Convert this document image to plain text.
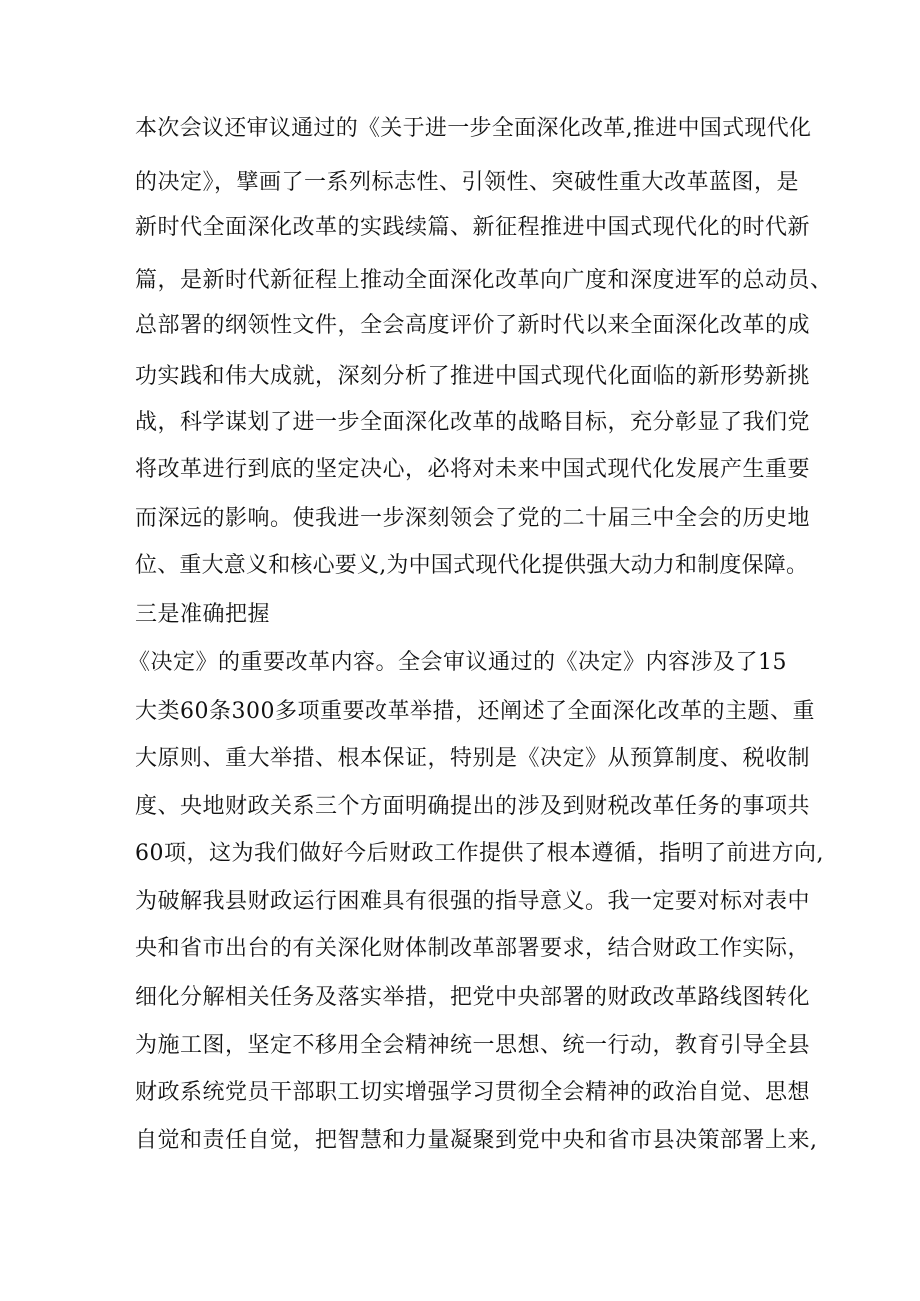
本次会议还审议通过的《关于进一步全面深化改革,推进中国式现代化

的决定》，擘画了一系列标志性、引领性、突破性重大改革蓝图，是

新时代全面深化改革的实践续篇、新征程推进中国式现代化的时代新

篇，是新时代新征程上推动全面深化改革向广度和深度进军的总动员、

总部署的纲领性文件，全会高度评价了新时代以来全面深化改革的成

功实践和伟大成就，深刻分析了推进中国式现代化面临的新形势新挑

战，科学谋划了进一步全面深化改革的战略目标，充分彰显了我们党

将改革进行到底的坚定决心，必将对未来中国式现代化发展产生重要

而深远的影响。使我进一步深刻领会了党的二十届三中全会的历史地

位、重大意义和核心要义,为中国式现代化提供强大动力和制度保障。

三是准确把握

《决定》的重要改革内容。全会审议通过的《决定》内容涉及了15

大类60条300多项重要改革举措，还阐述了全面深化改革的主题、重

大原则、重大举措、根本保证，特别是《决定》从预算制度、税收制

度、央地财政关系三个方面明确提出的涉及到财税改革任务的事项共

60项，这为我们做好今后财政工作提供了根本遵循，指明了前进方向,

为破解我县财政运行困难具有很强的指导意义。我一定要对标对表中

央和省市出台的有关深化财体制改革部署要求，结合财政工作实际，

细化分解相关任务及落实举措，把党中央部署的财政改革路线图转化

为施工图，坚定不移用全会精神统一思想、统一行动，教育引导全县

财政系统党员干部职工切实增强学习贯彻全会精神的政治自觉、思想

自觉和责任自觉，把智慧和力量凝聚到党中央和省市县决策部署上来,
